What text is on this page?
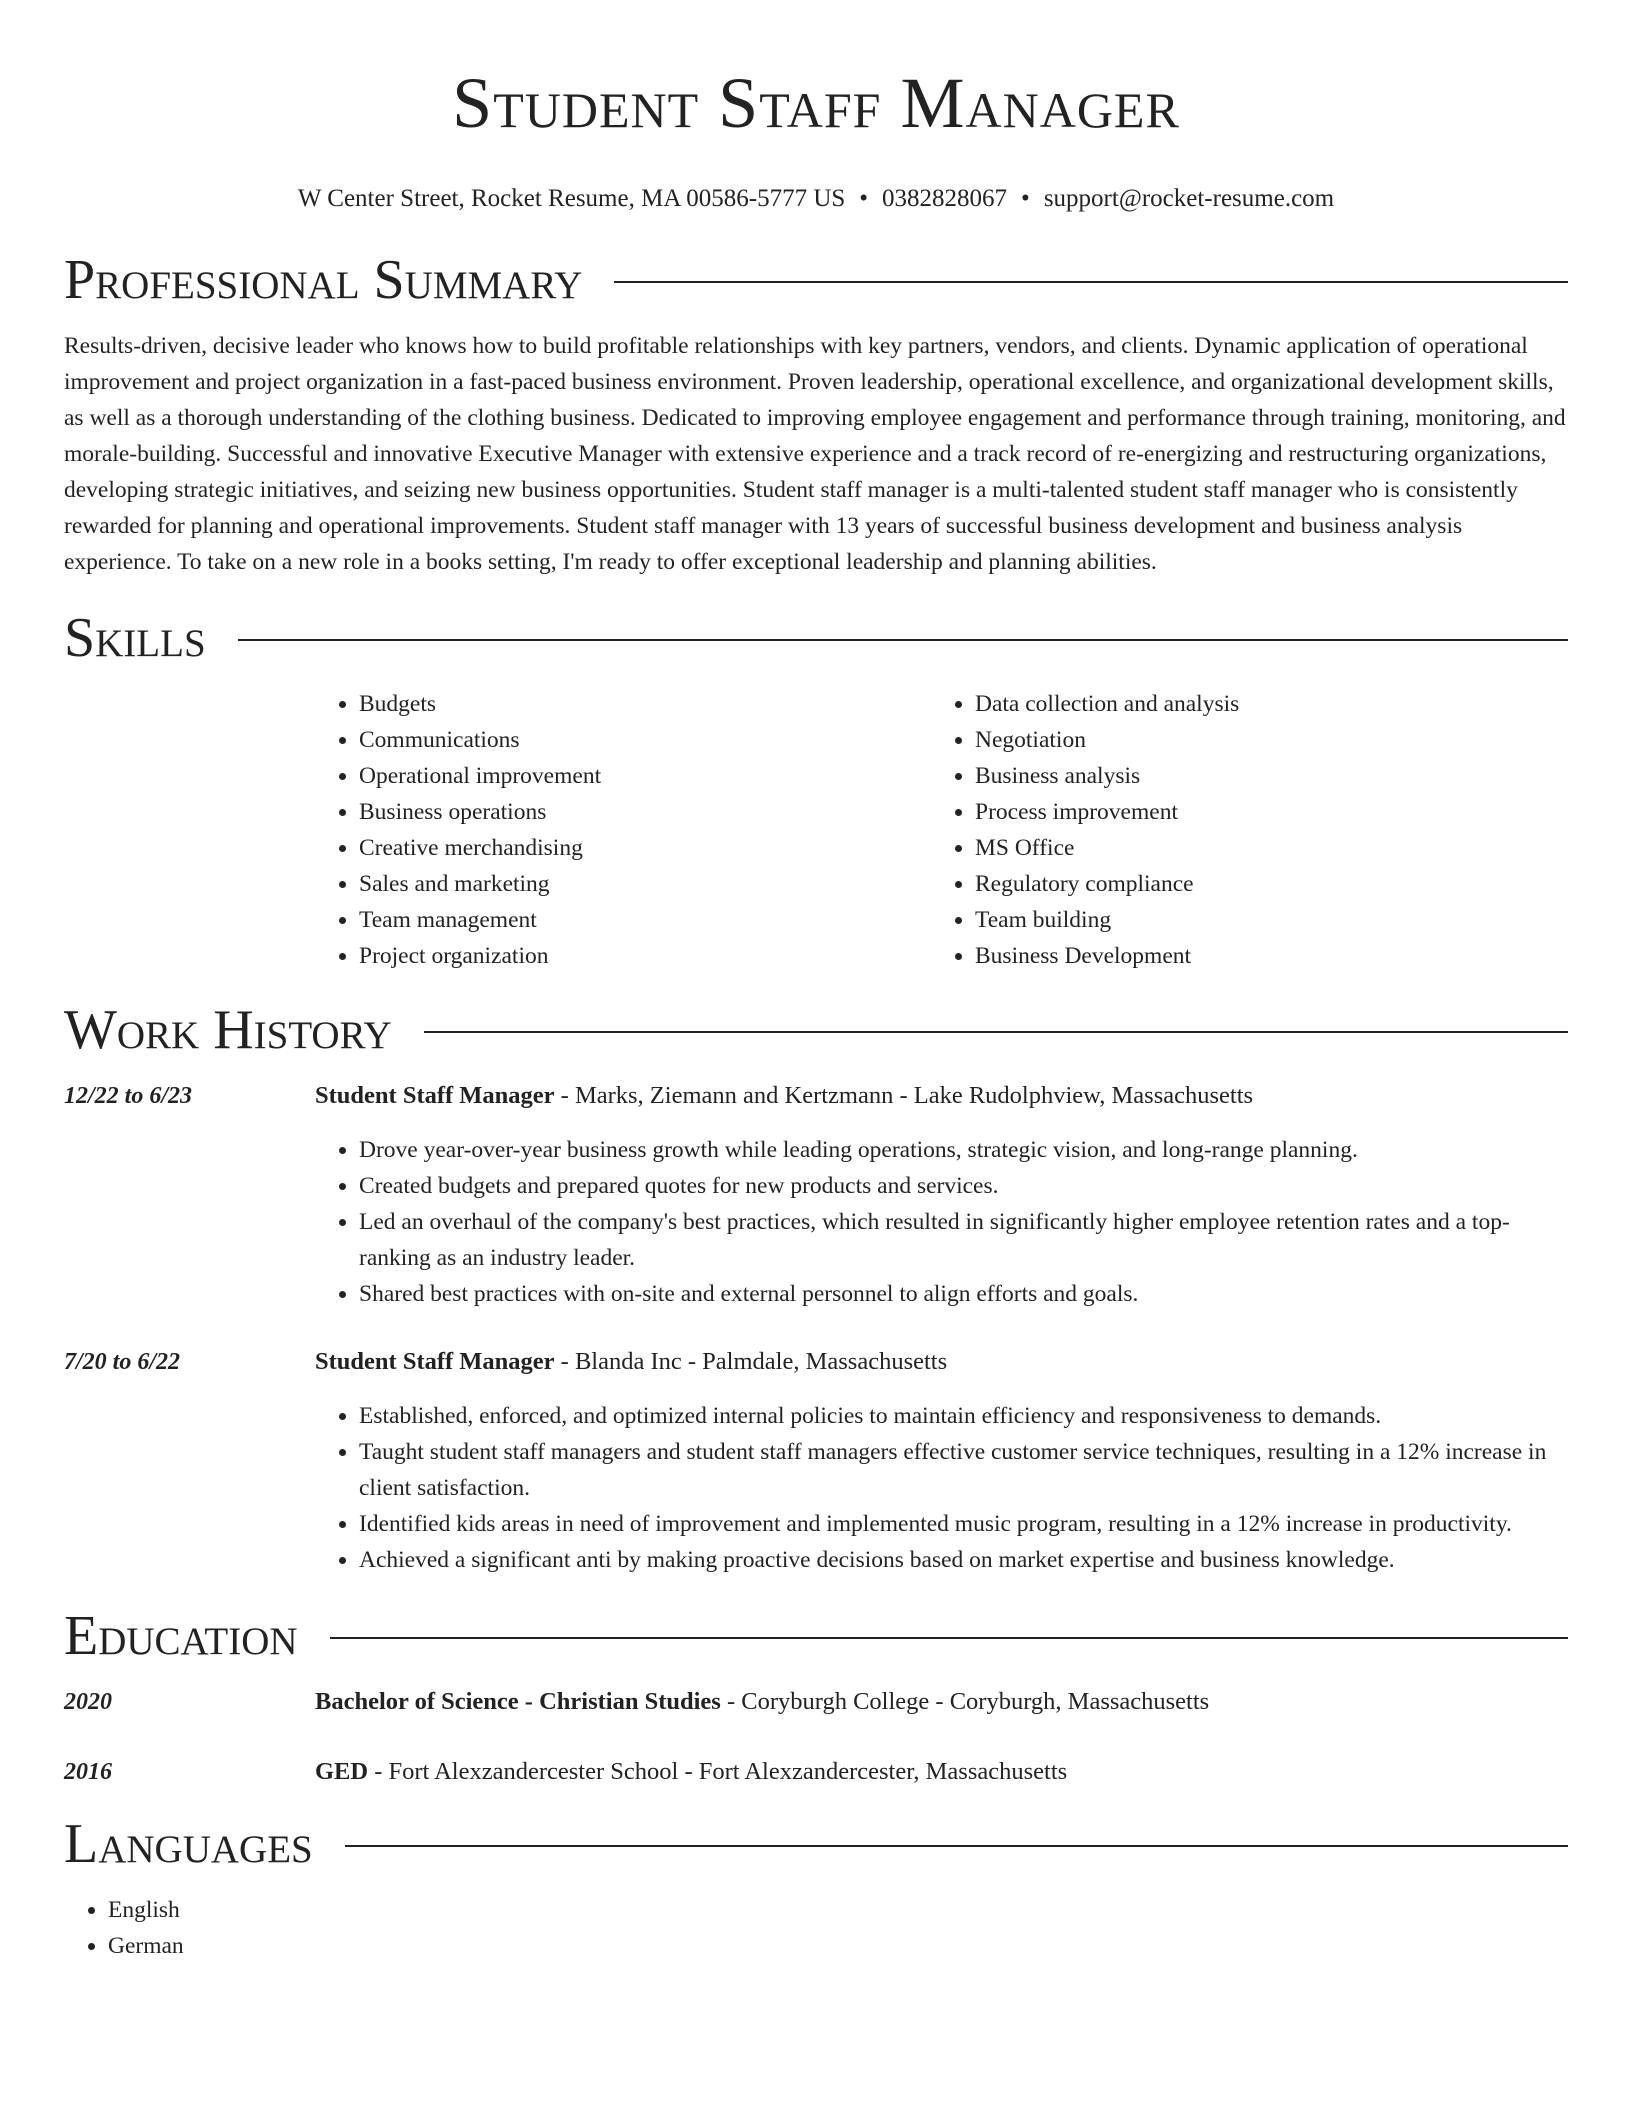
Student Staff Manager
W Center Street, Rocket Resume, MA 00586-5777 US • 0382828067 • support@rocket-resume.com
Professional Summary

Results-driven, decisive leader who knows how to build profitable relationships with key partners, vendors, and clients. Dynamic application of operational improvement and project organization in a fast-paced business environment. Proven leadership, operational excellence, and organizational development skills, as well as a thorough understanding of the clothing business. Dedicated to improving employee engagement and performance through training, monitoring, and morale-building. Successful and innovative Executive Manager with extensive experience and a track record of re-energizing and restructuring organizations, developing strategic initiatives, and seizing new business opportunities. Student staff manager is a multi-talented student staff manager who is consistently rewarded for planning and operational improvements. Student staff manager with 13 years of successful business development and business analysis experience. To take on a new role in a books setting, I'm ready to offer exceptional leadership and planning abilities.

Skills
• Budgets
• Communications
• Operational improvement
• Business operations
• Creative merchandising
• Sales and marketing
• Team management
• Project organization
• Data collection and analysis
• Negotiation
• Business analysis
• Process improvement
• MS Office
• Regulatory compliance
• Team building
• Business Development
Work History
12/22 to 6/23	Student Staff Manager - Marks, Ziemann and Kertzmann - Lake Rudolphview, Massachusetts
• Drove year-over-year business growth while leading operations, strategic vision, and long-range planning.
• Created budgets and prepared quotes for new products and services.
• Led an overhaul of the company's best practices, which resulted in significantly higher employee retention rates and a top-ranking as an industry leader.
• Shared best practices with on-site and external personnel to align efforts and goals.
7/20 to 6/22	Student Staff Manager - Blanda Inc - Palmdale, Massachusetts
• Established, enforced, and optimized internal policies to maintain efficiency and responsiveness to demands.
• Taught student staff managers and student staff managers effective customer service techniques, resulting in a 12% increase in client satisfaction.
• Identified kids areas in need of improvement and implemented music program, resulting in a 12% increase in productivity.
• Achieved a significant anti by making proactive decisions based on market expertise and business knowledge.
Education
2020	Bachelor of Science - Christian Studies - Coryburgh College - Coryburgh, Massachusetts
2016	GED - Fort Alexzandercester School - Fort Alexzandercester, Massachusetts
Languages
• English
• German
